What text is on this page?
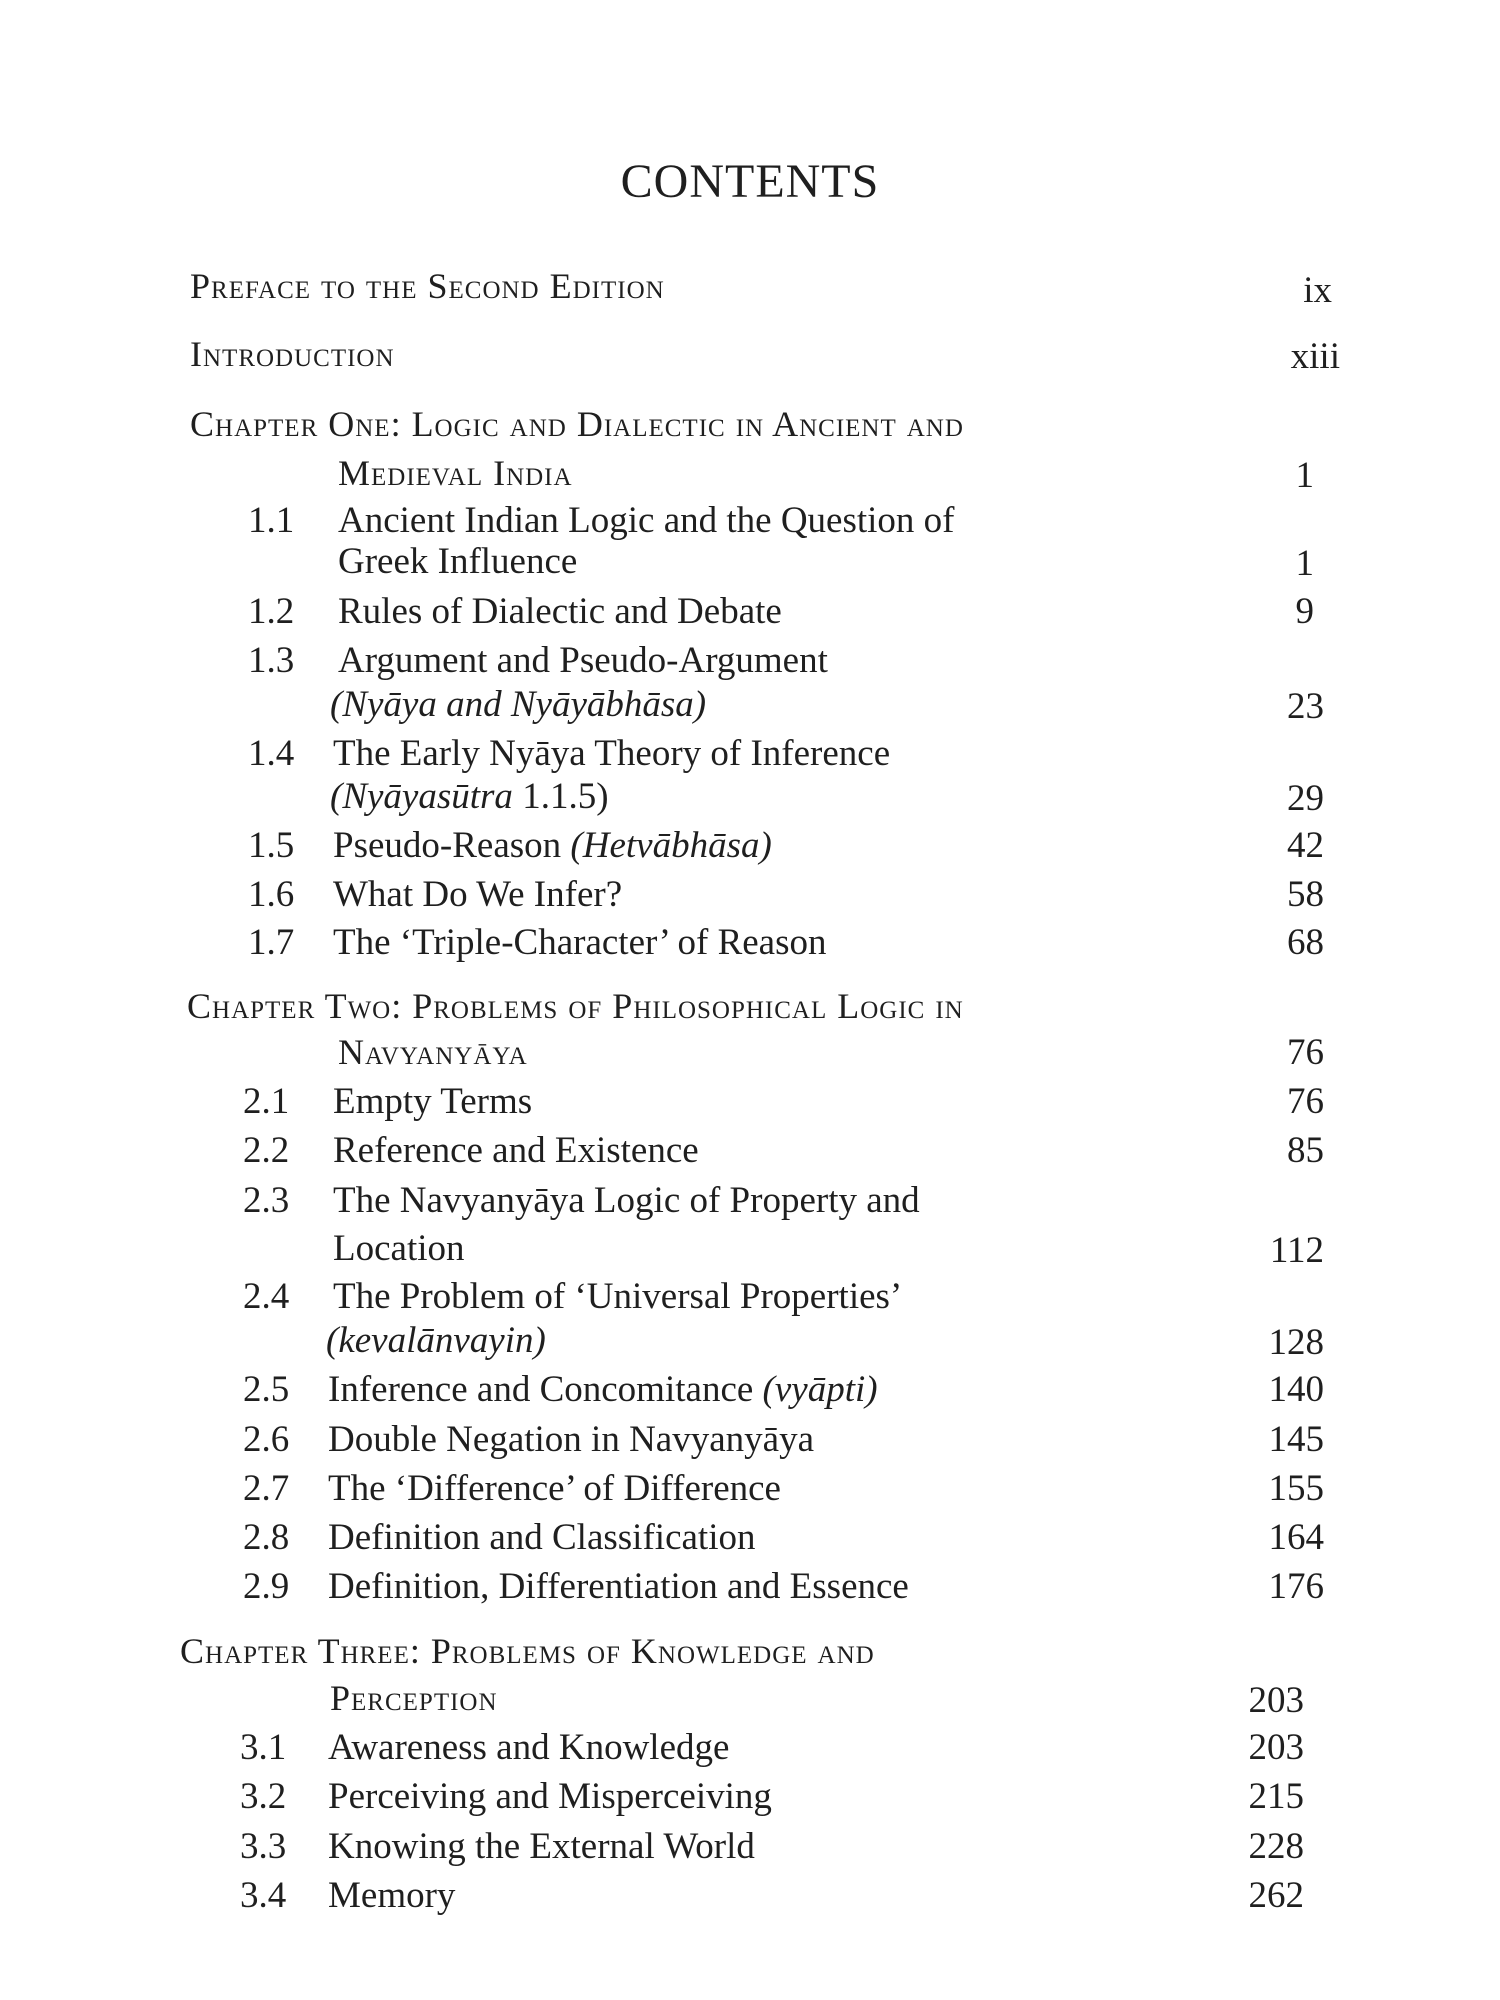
CONTENTS
Preface to the Second Edition	ix
Introduction	xiii
Chapter One: Logic and Dialectic in Ancient and
Medieval India	1
1.1 Ancient Indian Logic and the Question of
Greek Influence	1
1.2 Rules of Dialectic and Debate	9
1.3 Argument and Pseudo-Argument
(Nyāya and Nyāyābhāsa)	23
1.4 The Early Nyāya Theory of Inference
(Nyāyasūtra 1.1.5)	29
1.5 Pseudo-Reason (Hetvābhāsa)	42
1.6 What Do We Infer?	58
1.7 The ‘Triple-Character’ of Reason	68
Chapter Two: Problems of Philosophical Logic in
Navyanyāya	76
2.1 Empty Terms	76
2.2 Reference and Existence	85
2.3 The Navyanyāya Logic of Property and
Location	112
2.4 The Problem of ‘Universal Properties’
(kevalānvayin)	128
2.5 Inference and Concomitance (vyāpti)	140
2.6 Double Negation in Navyanyāya	145
2.7 The ‘Difference’ of Difference	155
2.8 Definition and Classification	164
2.9 Definition, Differentiation and Essence	176
Chapter Three: Problems of Knowledge and
Perception	203
3.1 Awareness and Knowledge	203
3.2 Perceiving and Misperceiving	215
3.3 Knowing the External World	228
3.4 Memory	262
